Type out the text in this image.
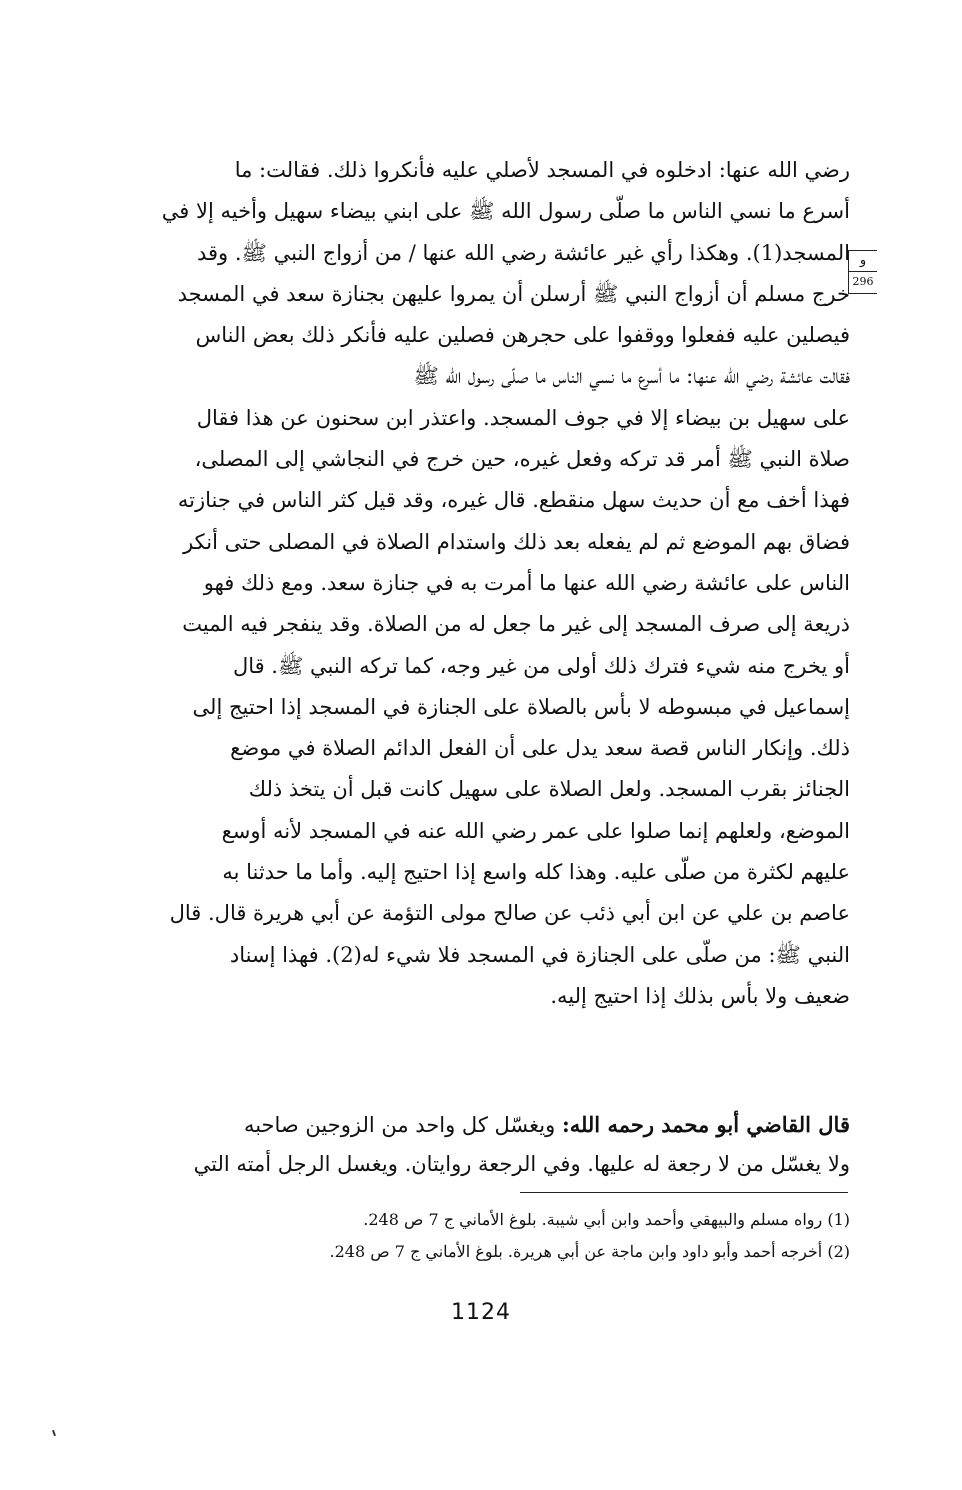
و
296
رضي الله عنها: ادخلوه في المسجد لأصلي عليه فأنكروا ذلك. فقالت: ما
أسرع ما نسي الناس ما صلّى رسول الله ﷺ على ابني بيضاء سهيل وأخيه إلا في
المسجد(1). وهكذا رأي غير عائشة رضي الله عنها / من أزواج النبي ﷺ. وقد
خرج مسلم أن أزواج النبي ﷺ أرسلن أن يمروا عليهن بجنازة سعد في المسجد
فيصلين عليه ففعلوا ووقفوا على حجرهن فصلين عليه فأنكر ذلك بعض الناس
فقالت عائشة رضي الله عنها: ما أسرع ما نسي الناس ما صلّى رسول الله ﷺ
على سهيل بن بيضاء إلا في جوف المسجد. واعتذر ابن سحنون عن هذا فقال
صلاة النبي ﷺ أمر قد تركه وفعل غيره، حين خرج في النجاشي إلى المصلى،
فهذا أخف مع أن حديث سهل منقطع. قال غيره، وقد قيل كثر الناس في جنازته
فضاق بهم الموضع ثم لم يفعله بعد ذلك واستدام الصلاة في المصلى حتى أنكر
الناس على عائشة رضي الله عنها ما أمرت به في جنازة سعد. ومع ذلك فهو
ذريعة إلى صرف المسجد إلى غير ما جعل له من الصلاة. وقد ينفجر فيه الميت
أو يخرج منه شيء فترك ذلك أولى من غير وجه، كما تركه النبي ﷺ. قال
إسماعيل في مبسوطه لا بأس بالصلاة على الجنازة في المسجد إذا احتيج إلى
ذلك. وإنكار الناس قصة سعد يدل على أن الفعل الدائم الصلاة في موضع
الجنائز بقرب المسجد. ولعل الصلاة على سهيل كانت قبل أن يتخذ ذلك
الموضع، ولعلهم إنما صلوا على عمر رضي الله عنه في المسجد لأنه أوسع
عليهم لكثرة من صلّى عليه. وهذا كله واسع إذا احتيج إليه. وأما ما حدثنا به
عاصم بن علي عن ابن أبي ذئب عن صالح مولى التؤمة عن أبي هريرة قال. قال
النبي ﷺ: من صلّى على الجنازة في المسجد فلا شيء له(2). فهذا إسناد
ضعيف ولا بأس بذلك إذا احتيج إليه.
قال القاضي أبو محمد رحمه الله: ويغسّل كل واحد من الزوجين صاحبه
ولا يغسّل من لا رجعة له عليها. وفي الرجعة روايتان. ويغسل الرجل أمته التي
(1) رواه مسلم والبيهقي وأحمد وابن أبي شيبة. بلوغ الأماني ج 7 ص 248.
(2) أخرجه أحمد وأبو داود وابن ماجة عن أبي هريرة. بلوغ الأماني ج 7 ص 248.
1124
